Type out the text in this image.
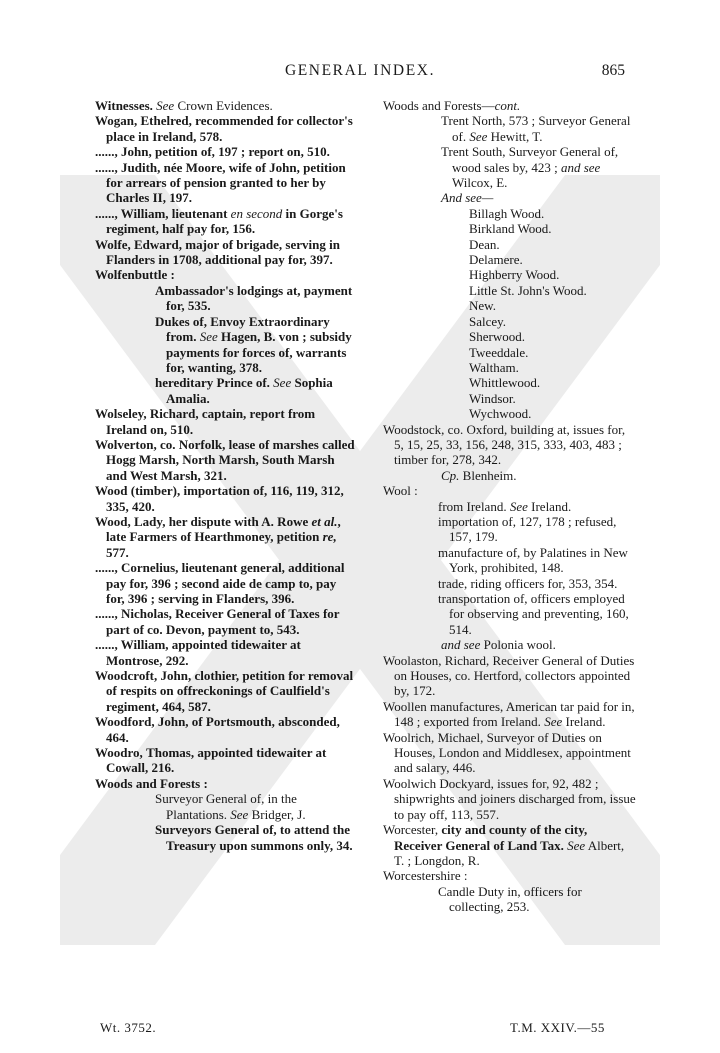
GENERAL INDEX.	865
Witnesses. See Crown Evidences.
Wogan, Ethelred, recommended for collector's place in Ireland, 578.
......, John, petition of, 197 ; report on, 510.
......, Judith, née Moore, wife of John, petition for arrears of pension granted to her by Charles II, 197.
......, William, lieutenant en second in Gorge's regiment, half pay for, 156.
Wolfe, Edward, major of brigade, serving in Flanders in 1708, additional pay for, 397.
Wolfenbuttle :
Ambassador's lodgings at, payment for, 535.
Dukes of, Envoy Extraordinary from. See Hagen, B. von ; subsidy payments for forces of, warrants for, wanting, 378.
hereditary Prince of. See Sophia Amalia.
Wolseley, Richard, captain, report from Ireland on, 510.
Wolverton, co. Norfolk, lease of marshes called Hogg Marsh, North Marsh, South Marsh and West Marsh, 321.
Wood (timber), importation of, 116, 119, 312, 335, 420.
Wood, Lady, her dispute with A. Rowe et al., late Farmers of Hearthmoney, petition re, 577.
......, Cornelius, lieutenant general, additional pay for, 396 ; second aide de camp to, pay for, 396 ; serving in Flanders, 396.
......, Nicholas, Receiver General of Taxes for part of co. Devon, payment to, 543.
......, William, appointed tidewaiter at Montrose, 292.
Woodcroft, John, clothier, petition for removal of respits on offreckonings of Caulfield's regiment, 464, 587.
Woodford, John, of Portsmouth, absconded, 464.
Woodro, Thomas, appointed tidewaiter at Cowall, 216.
Woods and Forests :
Surveyor General of, in the Plantations. See Bridger, J.
Surveyors General of, to attend the Treasury upon summons only, 34.
Woods and Forests—cont.
Trent North, 573 ; Surveyor General of. See Hewitt, T.
Trent South, Surveyor General of, wood sales by, 423 ; and see Wilcox, E.
And see—
Billagh Wood.
Birkland Wood.
Dean.
Delamere.
Highberry Wood.
Little St. John's Wood.
New.
Salcey.
Sherwood.
Tweeddale.
Waltham.
Whittlewood.
Windsor.
Wychwood.
Woodstock, co. Oxford, building at, issues for, 5, 15, 25, 33, 156, 248, 315, 333, 403, 483 ; timber for, 278, 342.
Cp. Blenheim.
Wool :
from Ireland. See Ireland.
importation of, 127, 178 ; refused, 157, 179.
manufacture of, by Palatines in New York, prohibited, 148.
trade, riding officers for, 353, 354.
transportation of, officers employed for observing and preventing, 160, 514.
and see Polonia wool.
Woolaston, Richard, Receiver General of Duties on Houses, co. Hertford, collectors appointed by, 172.
Woollen manufactures, American tar paid for in, 148 ; exported from Ireland. See Ireland.
Woolrich, Michael, Surveyor of Duties on Houses, London and Middlesex, appointment and salary, 446.
Woolwich Dockyard, issues for, 92, 482 ; shipwrights and joiners discharged from, issue to pay off, 113, 557.
Worcester, city and county of the city, Receiver General of Land Tax. See Albert, T. ; Longdon, R.
Worcestershire :
Candle Duty in, officers for collecting, 253.
Wt. 3752.	T.M. XXIV.—55
